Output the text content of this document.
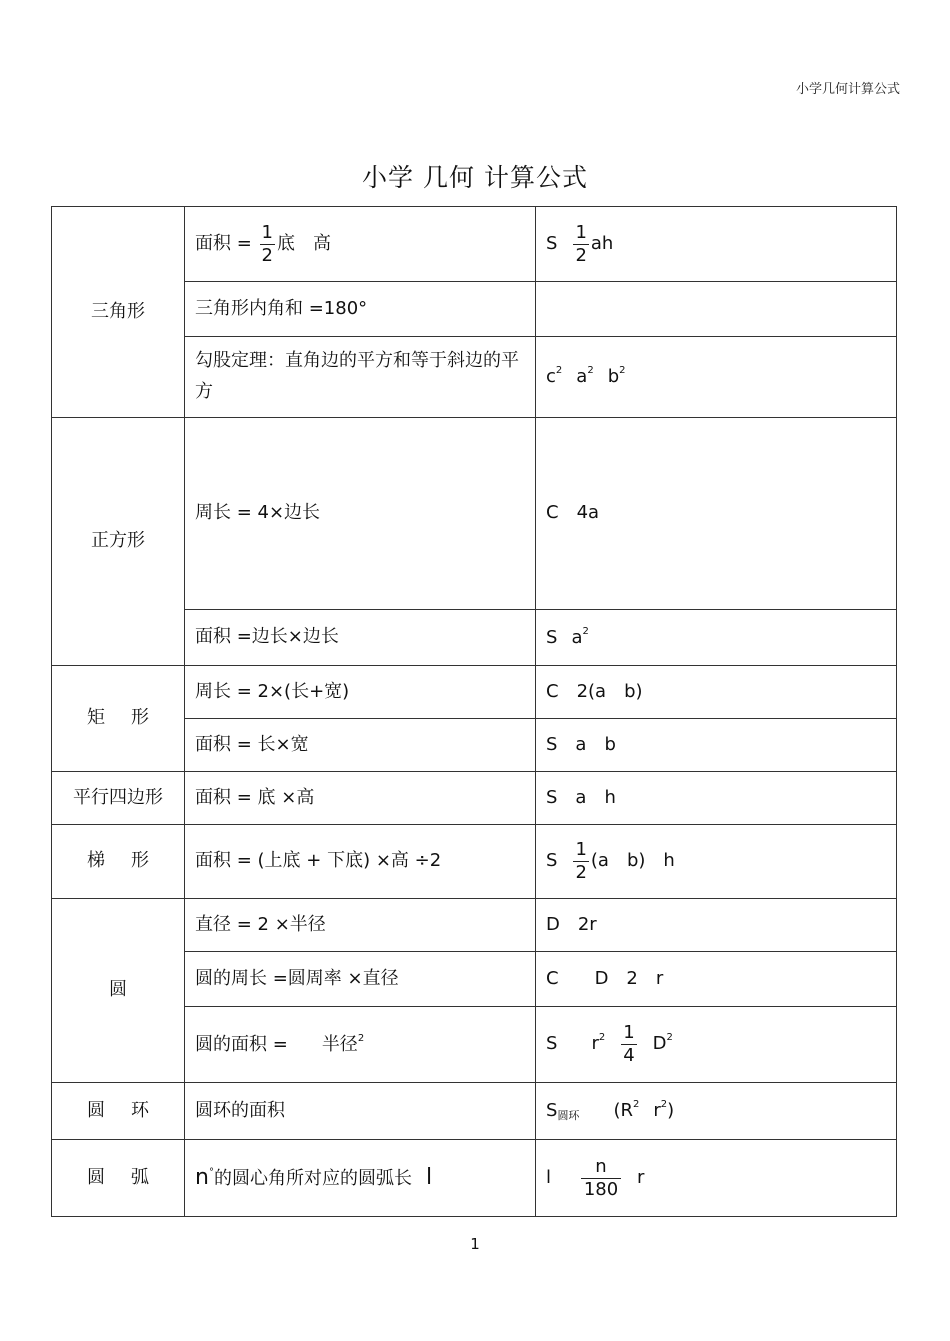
小学几何计算公式
小学 几何 计算公式
三角形	面积 = $\frac{1}{2}$ 底　高	S $\frac{1}{2}$ ah
	三角形内角和 =180°	
	勾股定理：直角边的平方和等于斜边的平方	$c^2$ $a^2$ $b^2$
正方形	周长 = 4×边长	C　4a
	面积 =边长×边长	S $a^2$
矩形	周长 = 2×(长+宽)	C　2(a　b)
	面积 = 长×宽	S　a　b
平行四边形	面积 = 底 ×高	S　a　h
梯形	面积 = (上底 + 下底) ×高 ÷2	S $\frac{1}{2} (a$　b)　h
圆	直径 = 2 ×半径	D　2r
	圆的周长 =圆周率 ×直径	C　　D　2　r
	圆的面积 = 半径$^2$	S $r^2 \frac{1}{4} D^2$
圆环	圆环的面积	$S_{圆环}$ ($R^2$ $r^2$)
圆弧	n°的圆心角所对应的圆弧长 l	l $\frac{n}{180}$ r
1
